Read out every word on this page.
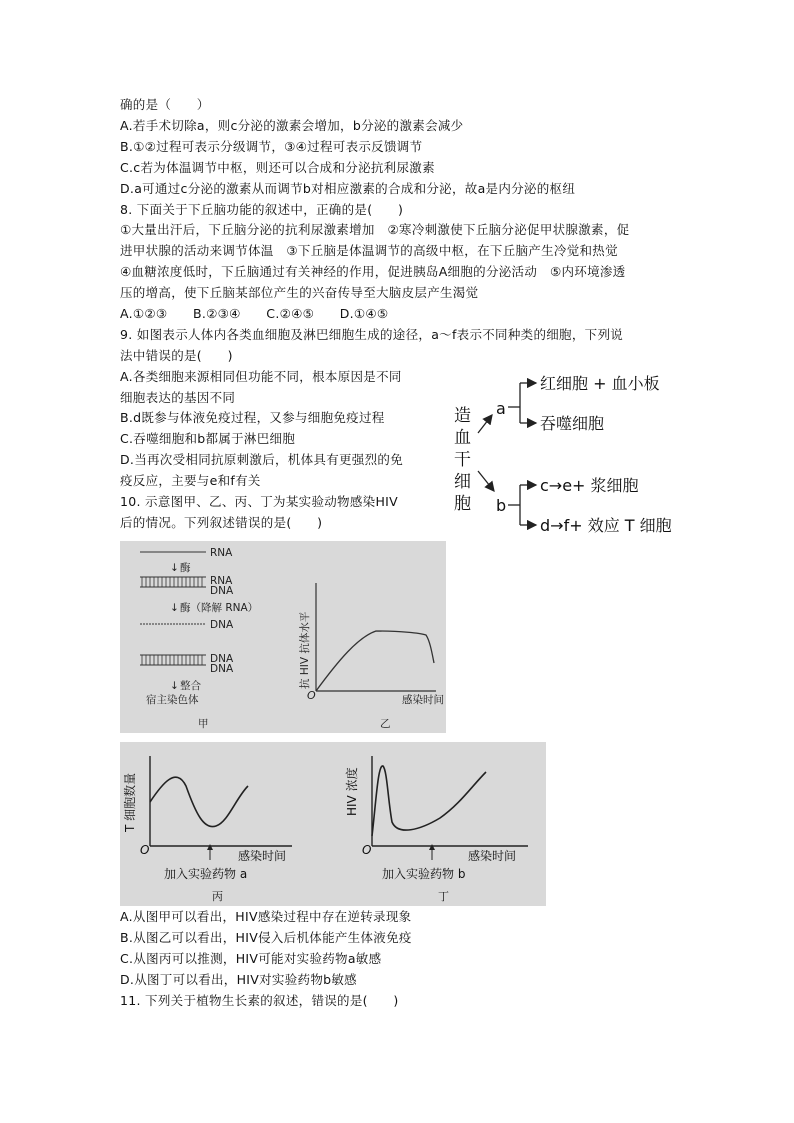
确的是（　　）
A.若手术切除a，则c分泌的激素会增加，b分泌的激素会减少
B.①②过程可表示分级调节，③④过程可表示反馈调节
C.c若为体温调节中枢，则还可以合成和分泌抗利尿激素
D.a可通过c分泌的激素从而调节b对相应激素的合成和分泌，故a是内分泌的枢纽
8. 下面关于下丘脑功能的叙述中，正确的是(　　)
①大量出汗后，下丘脑分泌的抗利尿激素增加　②寒冷刺激使下丘脑分泌促甲状腺激素，促
进甲状腺的活动来调节体温　③下丘脑是体温调节的高级中枢，在下丘脑产生冷觉和热觉
④血糖浓度低时，下丘脑通过有关神经的作用，促进胰岛A细胞的分泌活动　⑤内环境渗透
压的增高，使下丘脑某部位产生的兴奋传导至大脑皮层产生渴觉
A.①②③　　B.②③④　　C.②④⑤　　D.①④⑤
9. 如图表示人体内各类血细胞及淋巴细胞生成的途径，a～f表示不同种类的细胞，下列说
法中错误的是(　　)
A.各类细胞来源相同但功能不同，根本原因是不同
细胞表达的基因不同
B.d既参与体液免疫过程，又参与细胞免疫过程
C.吞噬细胞和b都属于淋巴细胞
D.当再次受相同抗原刺激后，机体具有更强烈的免
疫反应，主要与e和f有关
10. 示意图甲、乙、丙、丁为某实验动物感染HIV
后的情况。下列叙述错误的是(　　)
A.从图甲可以看出，HIV感染过程中存在逆转录现象
B.从图乙可以看出，HIV侵入后机体能产生体液免疫
C.从图丙可以推测，HIV可能对实验药物a敏感
D.从图丁可以看出，HIV对实验药物b敏感
11. 下列关于植物生长素的叙述，错误的是(　　)
造
血
干
细
胞
a
b
红细胞 + 血小板
吞噬细胞
c→e+ 浆细胞
d→f+ 效应 T 细胞
RNA
↓ 酶
RNA
DNA
↓ 酶（降解 RNA）
DNA
DNA
DNA
↓ 整合
宿主染色体
甲
抗 HIV 抗体水平
O	感染时间
乙
T 细胞数量
O	感染时间
加入实验药物 a
丙
HIV 浓度
O	感染时间
加入实验药物 b
丁
